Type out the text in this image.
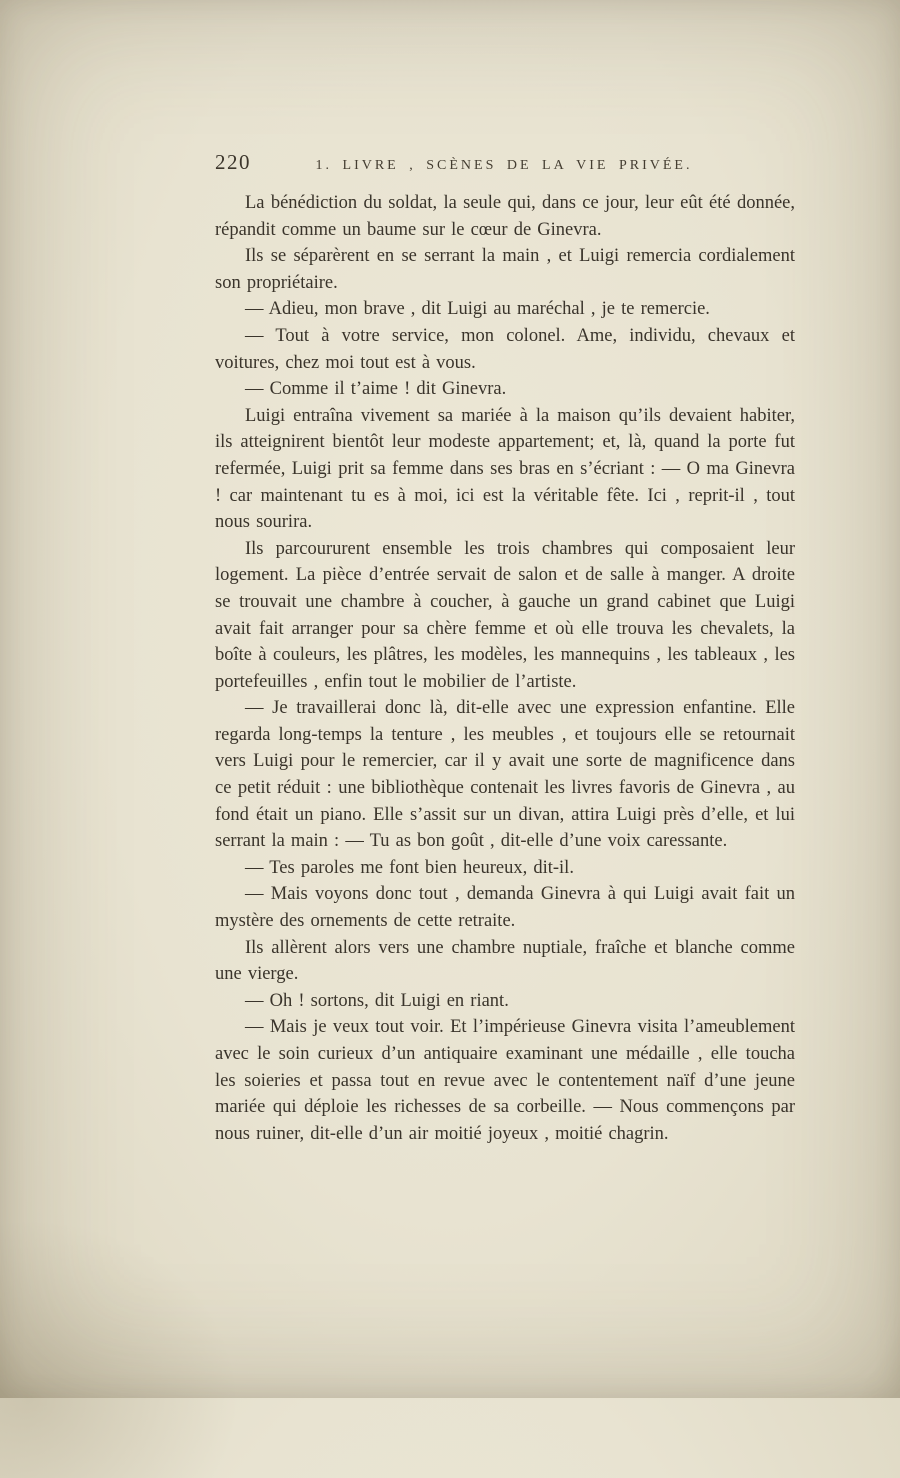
220	1. LIVRE , SCÈNES DE LA VIE PRIVÉE.

La bénédiction du soldat, la seule qui, dans ce jour, leur eût été donnée, répandit comme un baume sur le cœur de Ginevra.

Ils se séparèrent en se serrant la main , et Luigi remercia cordialement son propriétaire.

— Adieu, mon brave , dit Luigi au maréchal , je te remercie.

— Tout à votre service, mon colonel. Ame, individu, chevaux et voitures, chez moi tout est à vous.

— Comme il t’aime ! dit Ginevra.

Luigi entraîna vivement sa mariée à la maison qu’ils devaient habiter, ils atteignirent bientôt leur modeste appartement; et, là, quand la porte fut refermée, Luigi prit sa femme dans ses bras en s’écriant : — O ma Ginevra ! car maintenant tu es à moi, ici est la véritable fête. Ici , reprit-il , tout nous sourira.

Ils parcoururent ensemble les trois chambres qui composaient leur logement. La pièce d’entrée servait de salon et de salle à manger. A droite se trouvait une chambre à coucher, à gauche un grand cabinet que Luigi avait fait arranger pour sa chère femme et où elle trouva les chevalets, la boîte à couleurs, les plâtres, les modèles, les mannequins , les tableaux , les portefeuilles , enfin tout le mobilier de l’artiste.

— Je travaillerai donc là, dit-elle avec une expression enfantine. Elle regarda long-temps la tenture , les meubles , et toujours elle se retournait vers Luigi pour le remercier, car il y avait une sorte de magnificence dans ce petit réduit : une bibliothèque contenait les livres favoris de Ginevra , au fond était un piano. Elle s’assit sur un divan, attira Luigi près d’elle, et lui serrant la main : — Tu as bon goût , dit-elle d’une voix caressante.

— Tes paroles me font bien heureux, dit-il.

— Mais voyons donc tout , demanda Ginevra à qui Luigi avait fait un mystère des ornements de cette retraite.

Ils allèrent alors vers une chambre nuptiale, fraîche et blanche comme une vierge.

— Oh ! sortons, dit Luigi en riant.

— Mais je veux tout voir. Et l’impérieuse Ginevra visita l’ameublement avec le soin curieux d’un antiquaire examinant une médaille , elle toucha les soieries et passa tout en revue avec le contentement naïf d’une jeune mariée qui déploie les richesses de sa corbeille. — Nous commençons par nous ruiner, dit-elle d’un air moitié joyeux , moitié chagrin.
